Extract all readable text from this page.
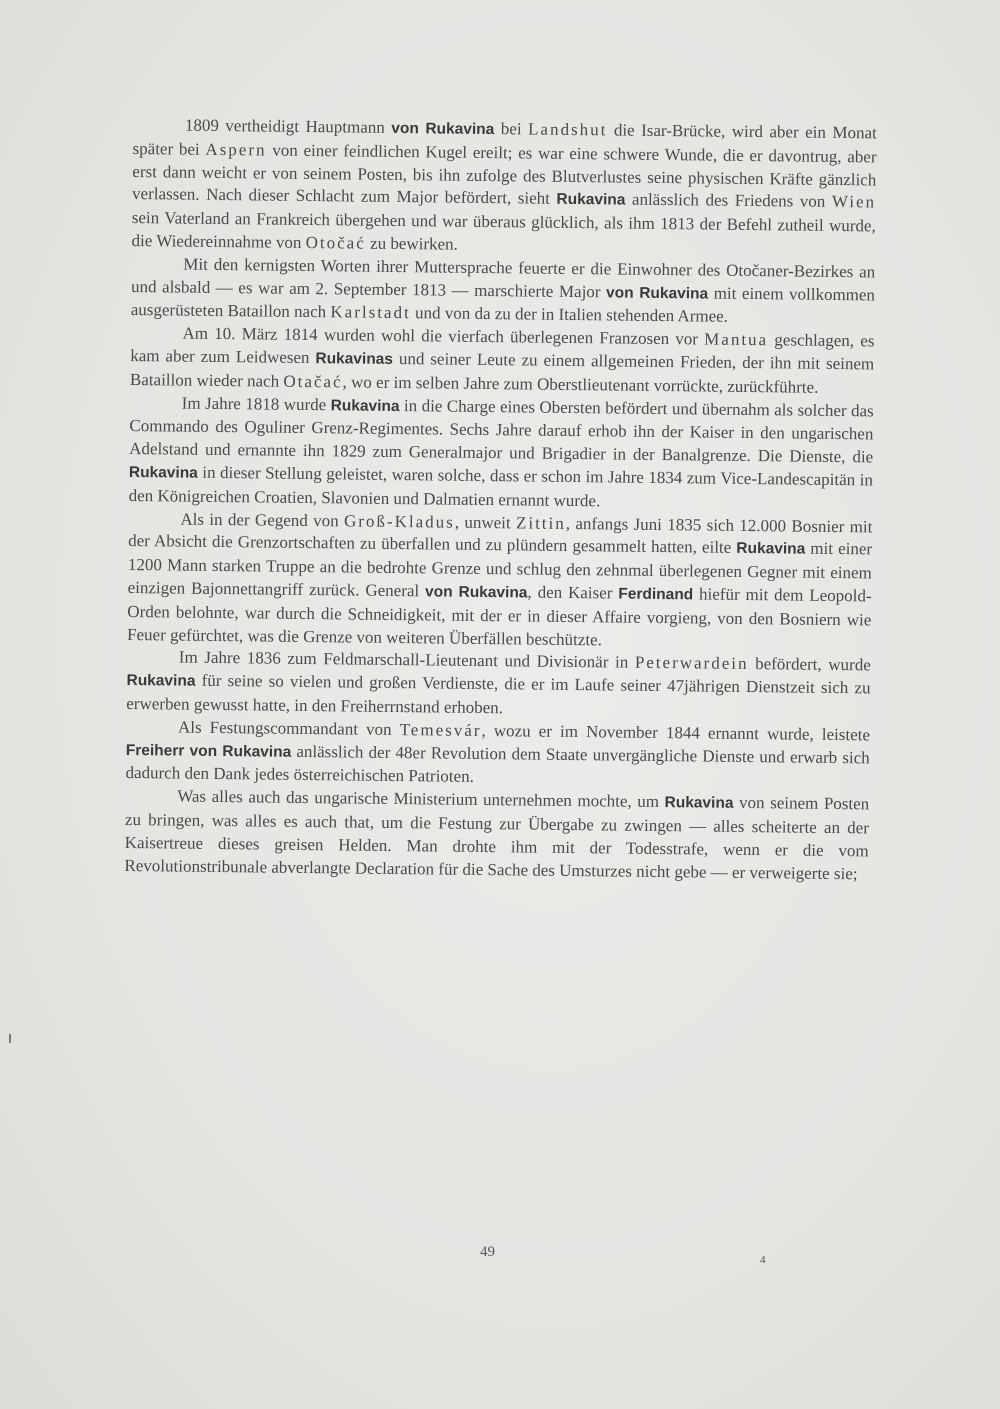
1809 vertheidigt Hauptmann von Rukavina bei Landshut die Isar-Brücke, wird aber ein Monat später bei Aspern von einer feindlichen Kugel ereilt; es war eine schwere Wunde, die er davontrug, aber erst dann weicht er von seinem Posten, bis ihn zufolge des Blutverlustes seine physischen Kräfte gänzlich verlassen. Nach dieser Schlacht zum Major befördert, sieht Rukavina anlässlich des Friedens von Wien sein Vaterland an Frankreich übergehen und war überaus glücklich, als ihm 1813 der Befehl zutheil wurde, die Wiedereinnahme von Otočać zu bewirken.

Mit den kernigsten Worten ihrer Muttersprache feuerte er die Einwohner des Otočaner-Bezirkes an und alsbald — es war am 2. September 1813 — marschierte Major von Rukavina mit einem vollkommen ausgerüsteten Bataillon nach Karlstadt und von da zu der in Italien stehenden Armee.

Am 10. März 1814 wurden wohl die vierfach überlegenen Franzosen vor Mantua geschlagen, es kam aber zum Leidwesen Rukavinas und seiner Leute zu einem allgemeinen Frieden, der ihn mit seinem Bataillon wieder nach Otačać, wo er im selben Jahre zum Oberstlieutenant vorrückte, zurückführte.

Im Jahre 1818 wurde Rukavina in die Charge eines Obersten befördert und übernahm als solcher das Commando des Oguliner Grenz-Regimentes. Sechs Jahre darauf erhob ihn der Kaiser in den ungarischen Adelstand und ernannte ihn 1829 zum Generalmajor und Brigadier in der Banalgrenze. Die Dienste, die Rukavina in dieser Stellung geleistet, waren solche, dass er schon im Jahre 1834 zum Vice-Landescapitän in den Königreichen Croatien, Slavonien und Dalmatien ernannt wurde.

Als in der Gegend von Groß-Kladus, unweit Zittin, anfangs Juni 1835 sich 12.000 Bosnier mit der Absicht die Grenzortschaften zu überfallen und zu plündern gesammelt hatten, eilte Rukavina mit einer 1200 Mann starken Truppe an die bedrohte Grenze und schlug den zehnmal überlegenen Gegner mit einem einzigen Bajonnettangriff zurück. General von Rukavina, den Kaiser Ferdinand hiefür mit dem Leopold-Orden belohnte, war durch die Schneidigkeit, mit der er in dieser Affaire vorgieng, von den Bosniern wie Feuer gefürchtet, was die Grenze von weiteren Überfällen beschützte.

Im Jahre 1836 zum Feldmarschall-Lieutenant und Divisionär in Peterwardein befördert, wurde Rukavina für seine so vielen und großen Verdienste, die er im Laufe seiner 47jährigen Dienstzeit sich zu erwerben gewusst hatte, in den Freiherrnstand erhoben.

Als Festungscommandant von Temesvár, wozu er im November 1844 ernannt wurde, leistete Freiherr von Rukavina anlässlich der 48er Revolution dem Staate unvergängliche Dienste und erwarb sich dadurch den Dank jedes österreichischen Patrioten.

Was alles auch das ungarische Ministerium unternehmen mochte, um Rukavina von seinem Posten zu bringen, was alles es auch that, um die Festung zur Übergabe zu zwingen — alles scheiterte an der Kaisertreue dieses greisen Helden. Man drohte ihm mit der Todesstrafe, wenn er die vom Revolutionstribunale abverlangte Declaration für die Sache des Umsturzes nicht gebe — er verweigerte sie;

49	4
